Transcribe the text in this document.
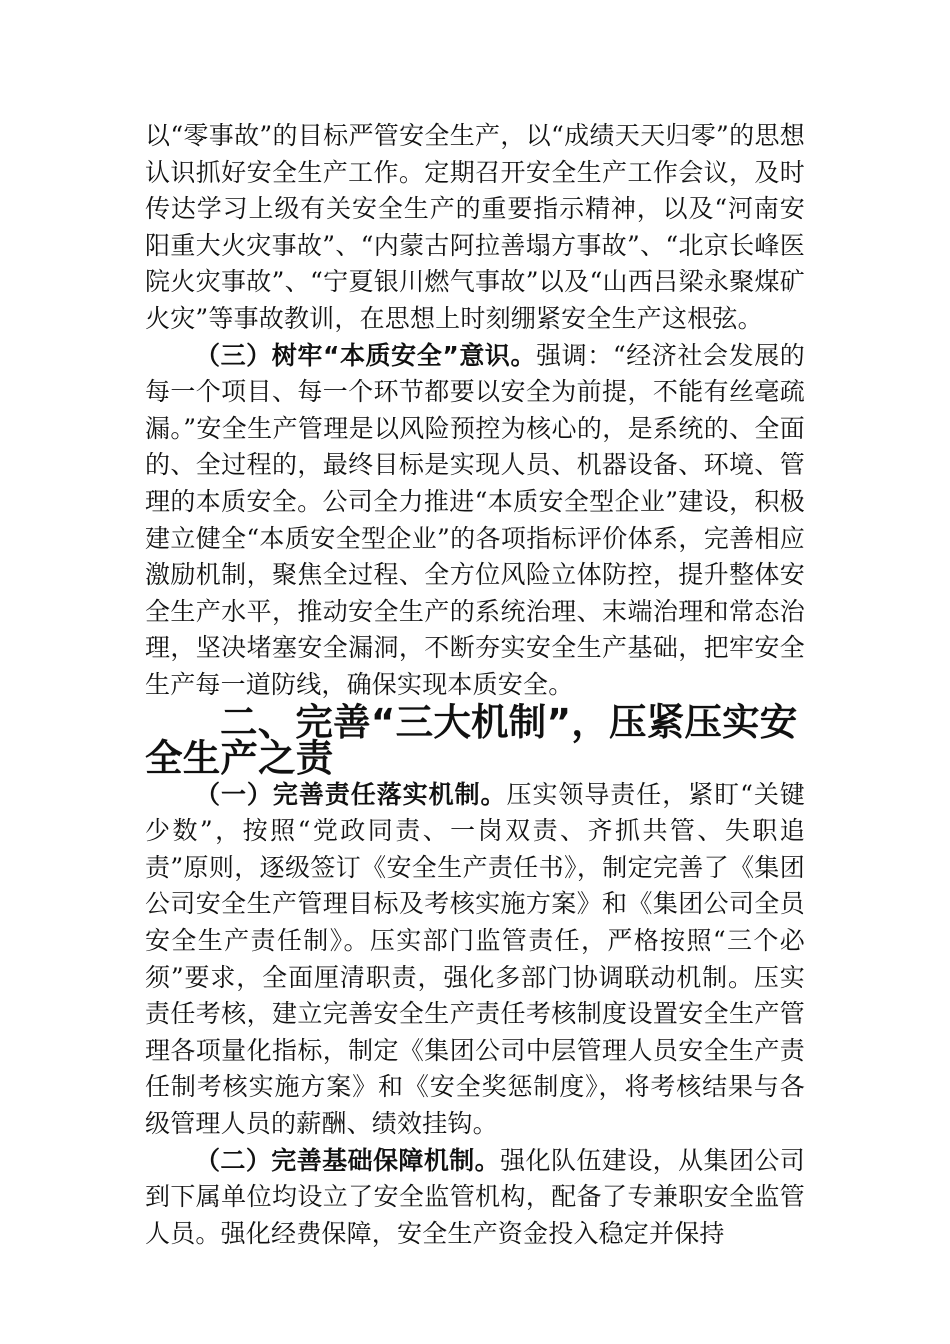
以“零事故”的目标严管安全生产，以“成绩天天归零”的思想认识抓好安全生产工作。定期召开安全生产工作会议，及时传达学习上级有关安全生产的重要指示精神，以及“河南安阳重大火灾事故”、“内蒙古阿拉善塌方事故”、“北京长峰医院火灾事故”、“宁夏银川燃气事故”以及“山西吕梁永聚煤矿火灾”等事故教训，在思想上时刻绷紧安全生产这根弦。

（三）树牢“本质安全”意识。强调：“经济社会发展的每一个项目、每一个环节都要以安全为前提，不能有丝毫疏漏。”安全生产管理是以风险预控为核心的，是系统的、全面的、全过程的，最终目标是实现人员、机器设备、环境、管理的本质安全。公司全力推进“本质安全型企业”建设，积极建立健全“本质安全型企业”的各项指标评价体系，完善相应激励机制，聚焦全过程、全方位风险立体防控，提升整体安全生产水平，推动安全生产的系统治理、末端治理和常态治理，坚决堵塞安全漏洞，不断夯实安全生产基础，把牢安全生产每一道防线，确保实现本质安全。

二、完善“三大机制”，压紧压实安全生产之责

（一）完善责任落实机制。压实领导责任，紧盯“关键少数”，按照“党政同责、一岗双责、齐抓共管、失职追责”原则，逐级签订《安全生产责任书》，制定完善了《集团公司安全生产管理目标及考核实施方案》和《集团公司全员安全生产责任制》。压实部门监管责任，严格按照“三个必须”要求，全面厘清职责，强化多部门协调联动机制。压实责任考核，建立完善安全生产责任考核制度设置安全生产管理各项量化指标，制定《集团公司中层管理人员安全生产责任制考核实施方案》和《安全奖惩制度》，将考核结果与各级管理人员的薪酬、绩效挂钩。

（二）完善基础保障机制。强化队伍建设，从集团公司到下属单位均设立了安全监管机构，配备了专兼职安全监管人员。强化经费保障，安全生产资金投入稳定并保持
